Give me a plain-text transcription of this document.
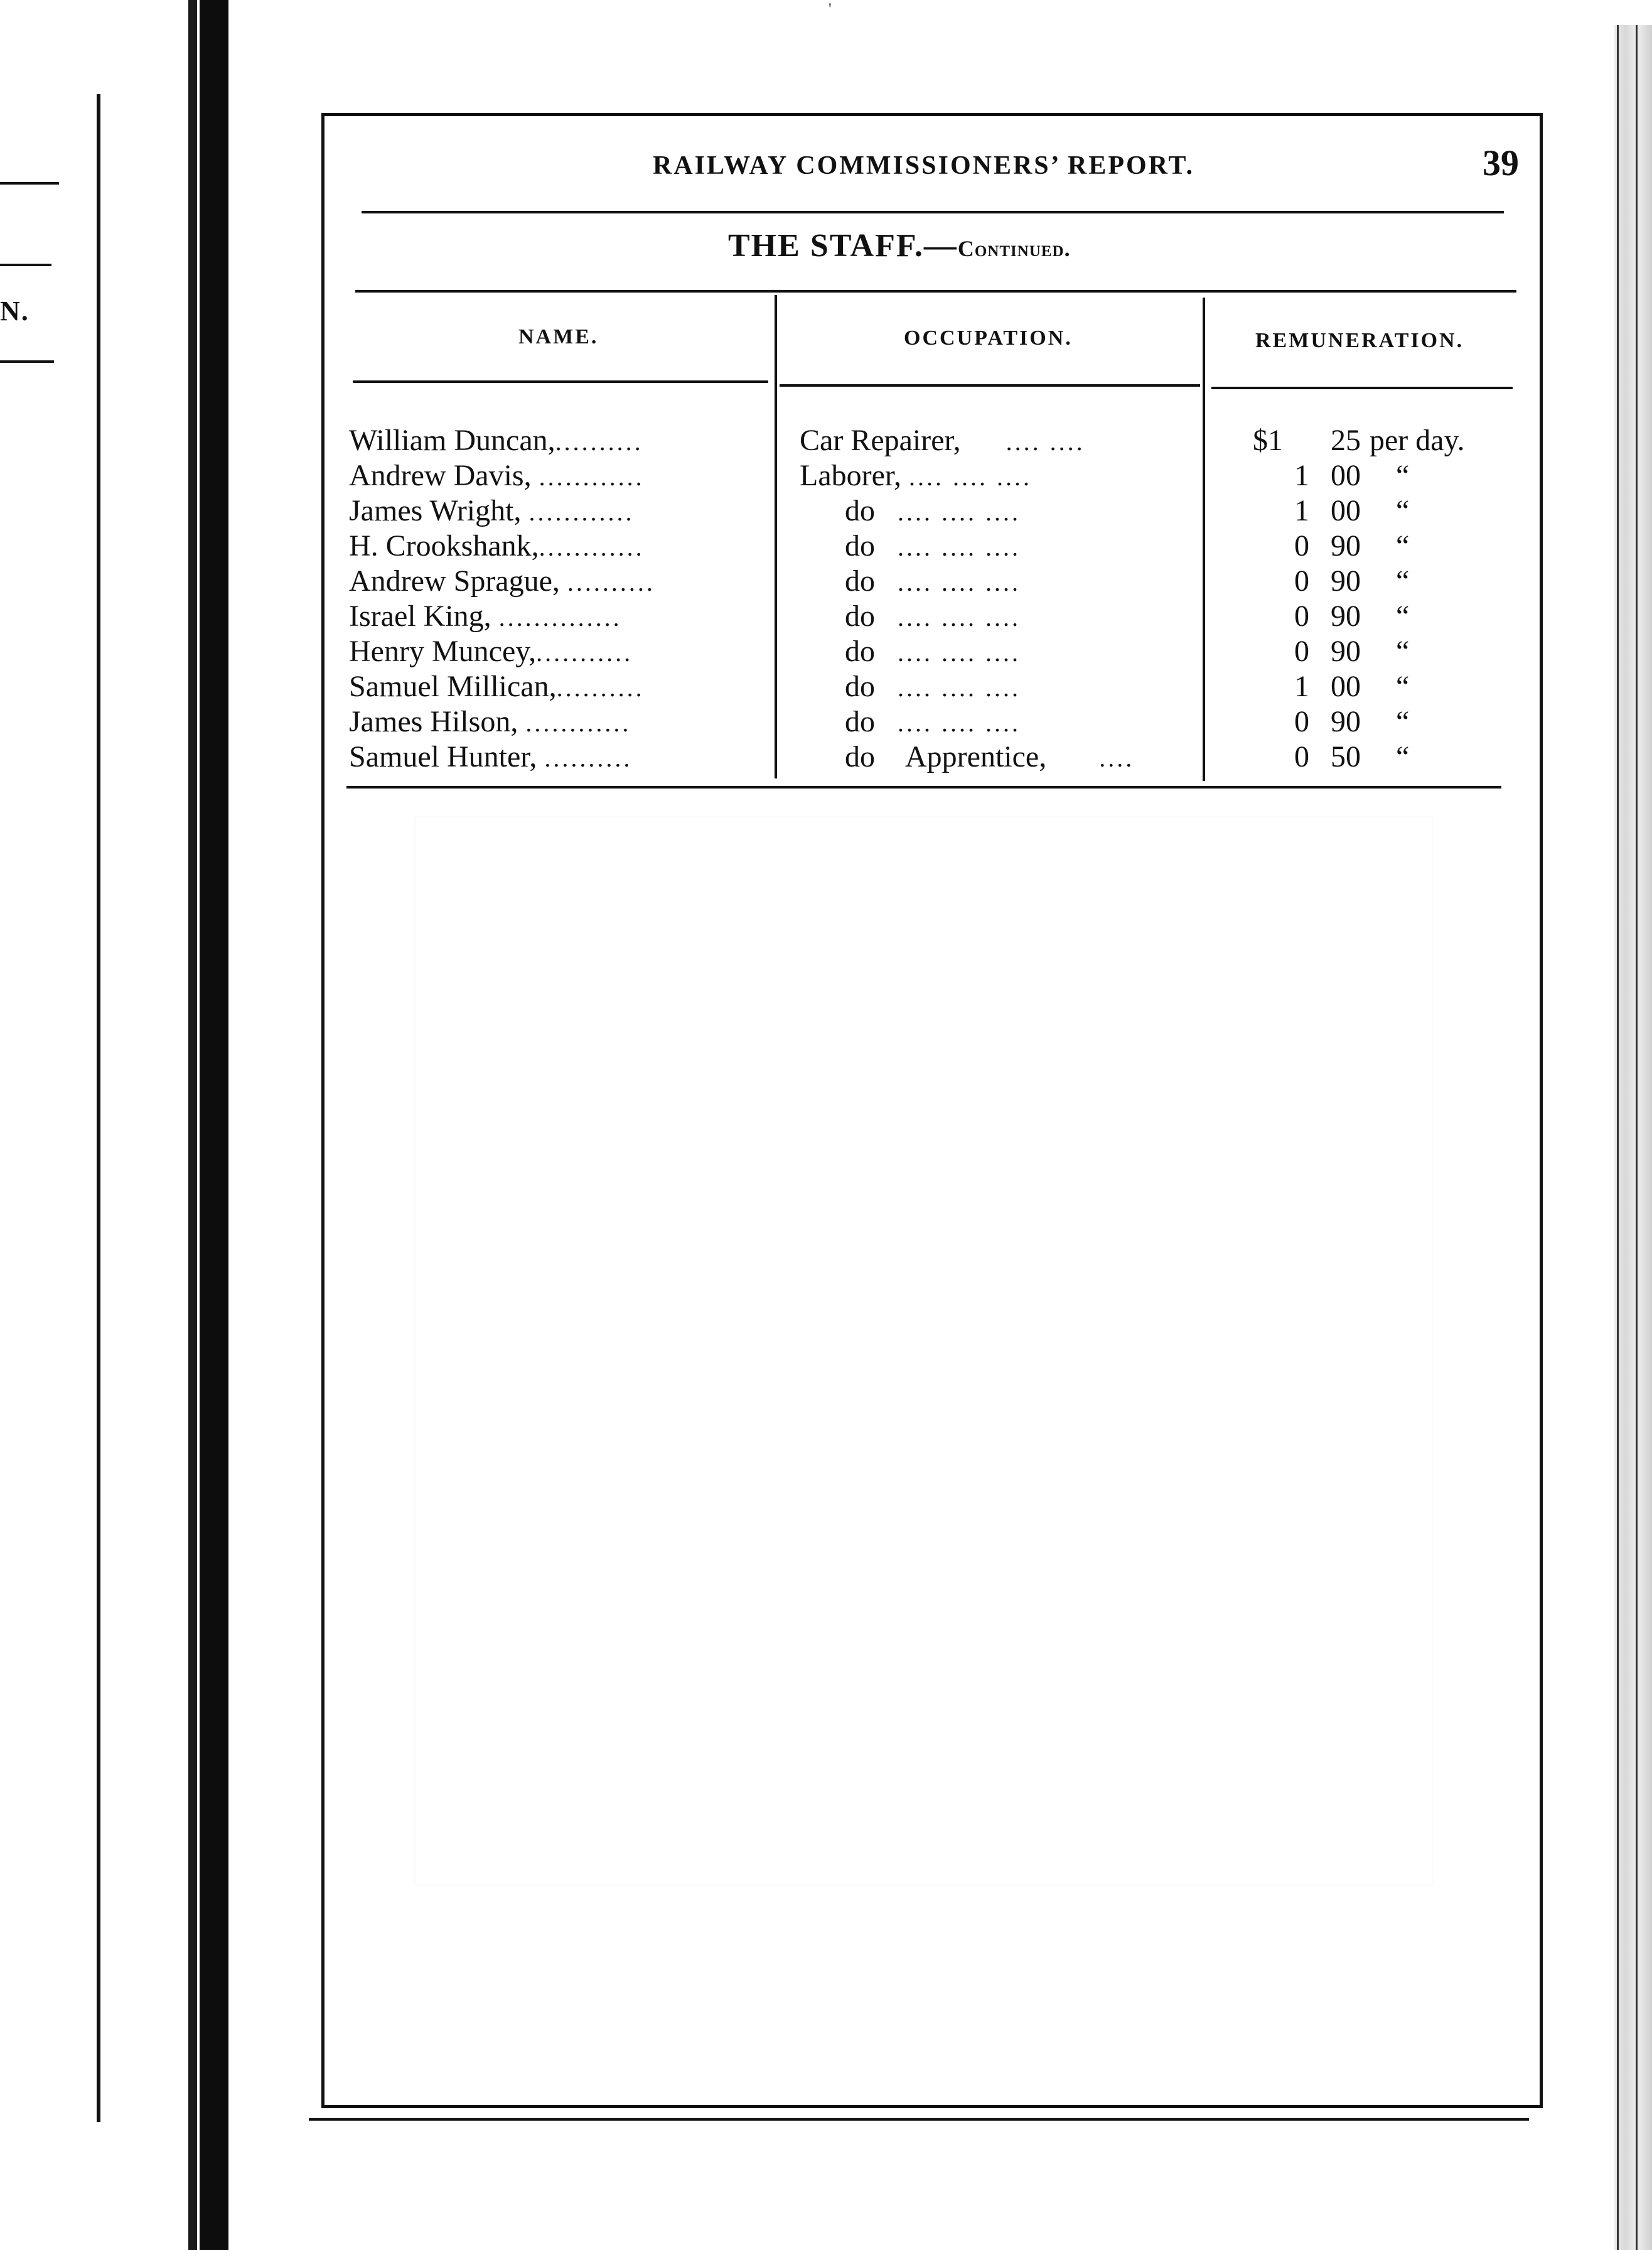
N.
'
RAILWAY COMMISSIONERS’ REPORT.	39
THE STAFF.—Continued.
NAME.	OCCUPATION.	REMUNERATION.
William Duncan,..........	Car Repairer, .... ....	$1	25 per day.
Andrew Davis, ............	Laborer, .... .... ....	1 00 “
James Wright, ............	do .... .... ....	1 00 “
H. Crookshank,............	do .... .... ....	0 90 “
Andrew Sprague, ..........	do .... .... ....	0 90 “
Israel King, ..............	do .... .... ....	0 90 “
Henry Muncey,...........	do .... .... ....	0 90 “
Samuel Millican,..........	do .... .... ....	1 00 “
James Hilson, ............	do .... .... ....	0 90 “
Samuel Hunter, ..........	do Apprentice, ....	0 50 “
